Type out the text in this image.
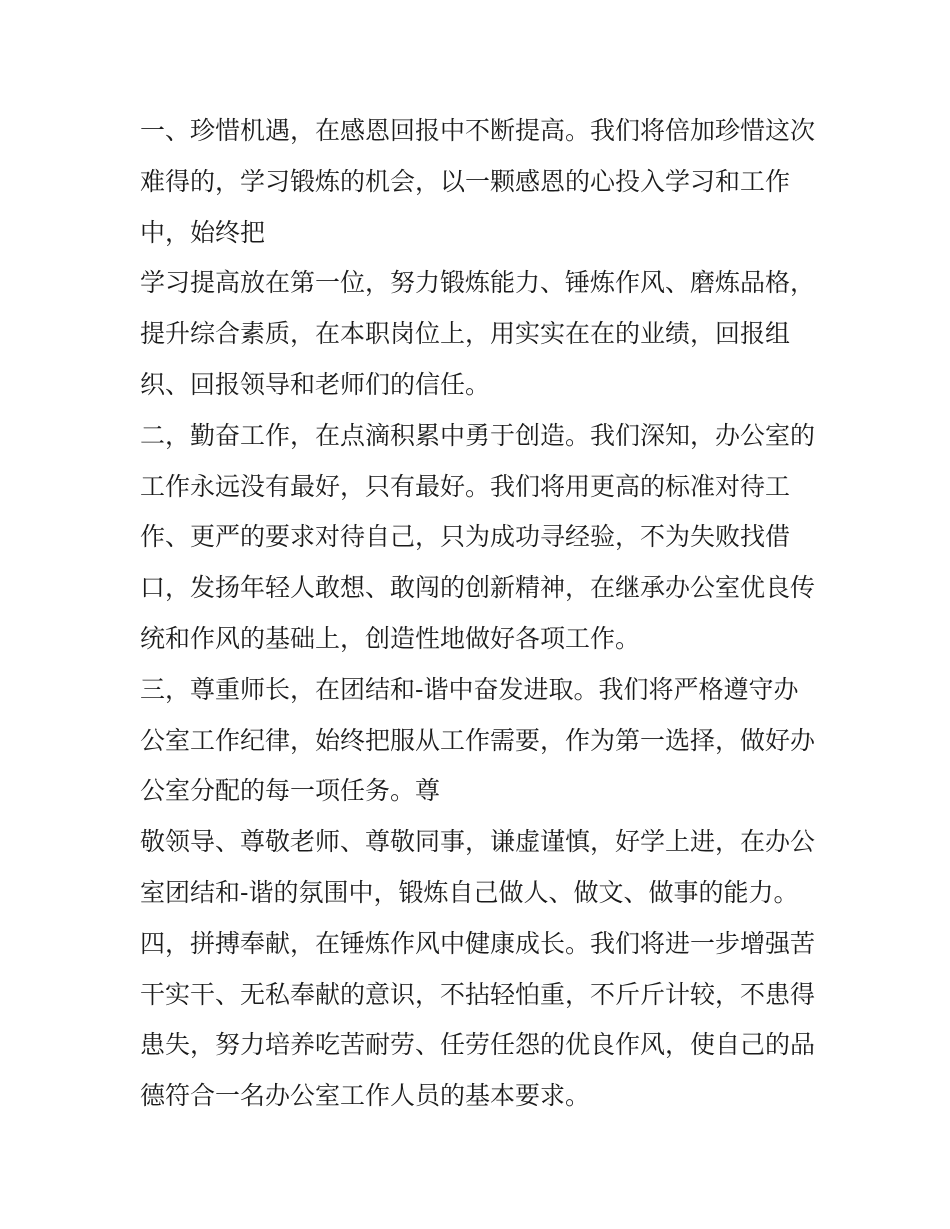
一、珍惜机遇，在感恩回报中不断提高。我们将倍加珍惜这次
难得的，学习锻炼的机会，以一颗感恩的心投入学习和工作
中，始终把
学习提高放在第一位，努力锻炼能力、锤炼作风、磨炼品格，
提升综合素质，在本职岗位上，用实实在在的业绩，回报组
织、回报领导和老师们的信任。
二，勤奋工作，在点滴积累中勇于创造。我们深知，办公室的
工作永远没有最好，只有最好。我们将用更高的标准对待工
作、更严的要求对待自己，只为成功寻经验，不为失败找借
口，发扬年轻人敢想、敢闯的创新精神，在继承办公室优良传
统和作风的基础上，创造性地做好各项工作。
三，尊重师长，在团结和-谐中奋发进取。我们将严格遵守办
公室工作纪律，始终把服从工作需要，作为第一选择，做好办
公室分配的每一项任务。尊
敬领导、尊敬老师、尊敬同事，谦虚谨慎，好学上进，在办公
室团结和-谐的氛围中，锻炼自己做人、做文、做事的能力。
四，拼搏奉献，在锤炼作风中健康成长。我们将进一步增强苦
干实干、无私奉献的意识，不拈轻怕重，不斤斤计较，不患得
患失，努力培养吃苦耐劳、任劳任怨的优良作风，使自己的品
德符合一名办公室工作人员的基本要求。
